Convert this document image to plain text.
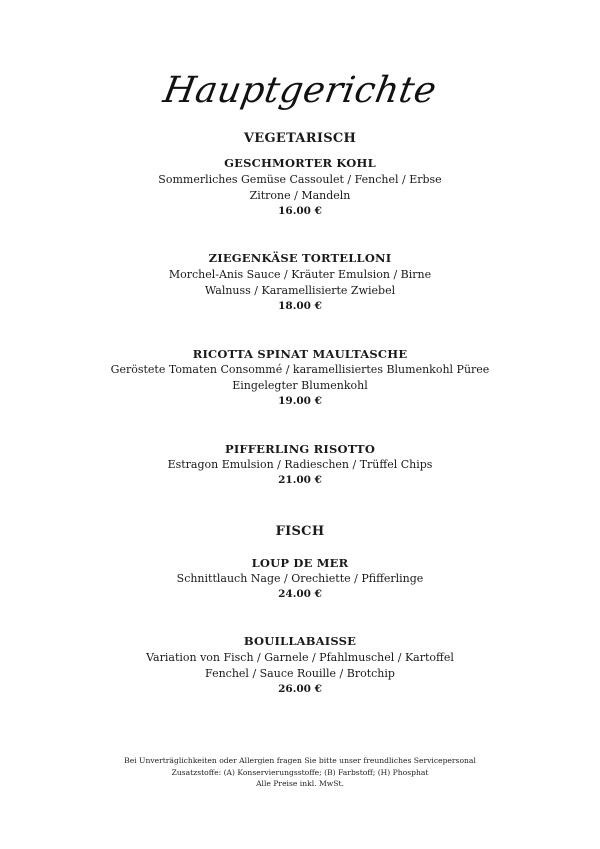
Hauptgerichte
VEGETARISCH
GESCHMORTER KOHL
Sommerliches Gemüse Cassoulet / Fenchel / Erbse
Zitrone / Mandeln
16.00 €
ZIEGENKÄSE TORTELLONI
Morchel-Anis Sauce / Kräuter Emulsion / Birne
Walnuss / Karamellisierte Zwiebel
18.00 €
RICOTTA SPINAT MAULTASCHE
Geröstete Tomaten Consommé / karamellisiertes Blumenkohl Püree
Eingelegter Blumenkohl
19.00 €
PIFFERLING RISOTTO
Estragon Emulsion / Radieschen / Trüffel Chips
21.00 €
FISCH
LOUP DE MER
Schnittlauch Nage / Orechiette / Pfifferlinge
24.00 €
BOUILLABAISSE
Variation von Fisch / Garnele / Pfahlmuschel / Kartoffel
Fenchel / Sauce Rouille / Brotchip
26.00 €
Bei Unverträglichkeiten oder Allergien fragen Sie bitte unser freundliches Servicepersonal
Zusatzstoffe: (A) Konservierungsstoffe; (B) Farbstoff; (H) Phosphat
Alle Preise inkl. MwSt.
